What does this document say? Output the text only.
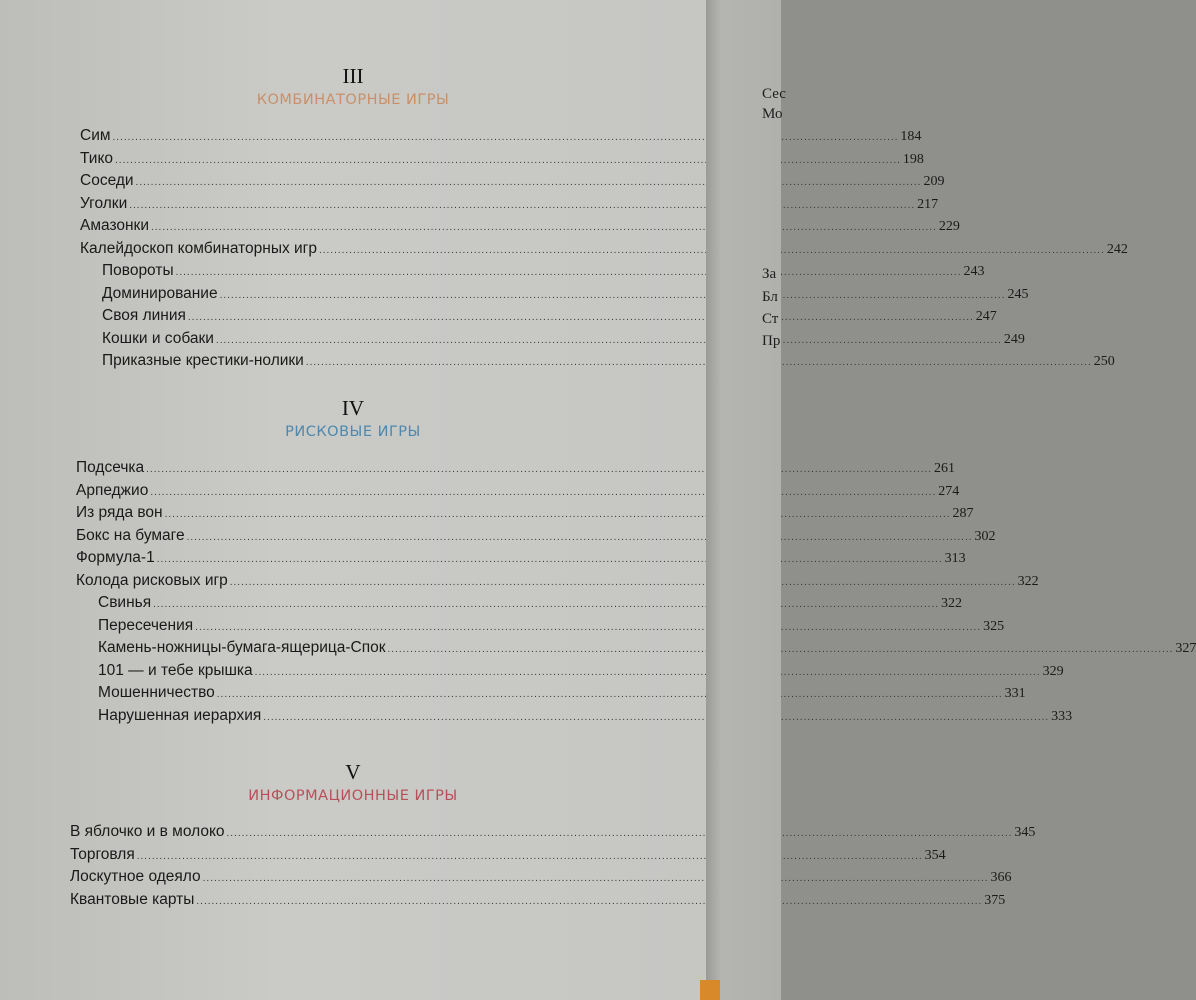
III
КОМБИНАТОРНЫЕ ИГРЫ
Сим .....	184
Тико .....	198
Соседи .....	209
Уголки .....	217
Амазонки .....	229
Калейдоскоп комбинаторных игр .....	242
Повороты .....	243
Доминирование .....	245
Своя линия .....	247
Кошки и собаки .....	249
Приказные крестики-нолики .....	250
IV
РИСКОВЫЕ ИГРЫ
Подсечка .....	261
Арпеджио .....	274
Из ряда вон .....	287
Бокс на бумаге .....	302
Формула-1 .....	313
Колода рисковых игр .....	322
Свинья .....	322
Пересечения .....	325
Камень-ножницы-бумага-ящерица-Спок .....	327
101 — и тебе крышка .....	329
Мошенничество .....	331
Нарушенная иерархия .....	333
V
ИНФОРМАЦИОННЫЕ ИГРЫ
В яблочко и в молоко .....	345
Торговля .....	354
Лоскутное одеяло .....	366
Квантовые карты .....	375
Сес
Мо
За
Бл
Ст
Пр
